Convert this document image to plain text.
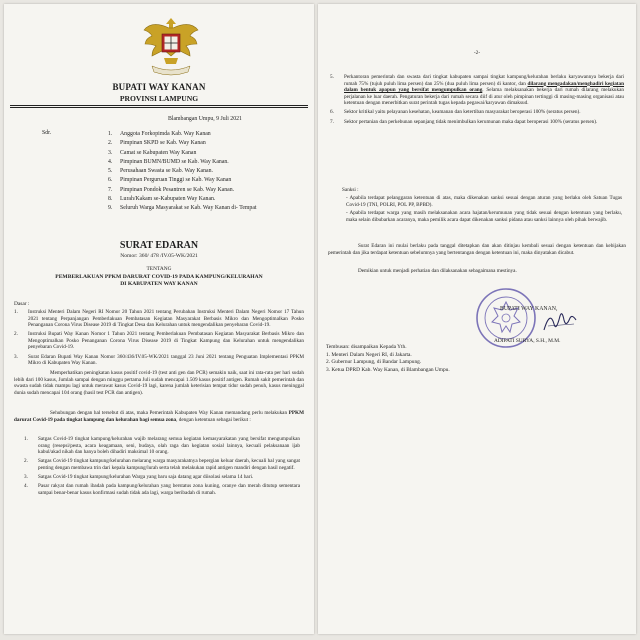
BUPATI WAY KANAN
PROVINSI LAMPUNG
Blambangan Umpu, 9 Juli 2021
Sdr.	1. Anggota Forkopimda Kab. Way Kanan
2. Pimpinan SKPD se Kab. Way Kanan
3. Camat se Kabupaten Way Kanan
4. Pimpinan BUMN/BUMD se Kab. Way Kanan.
5. Perusahaan Swasta se Kab. Way Kanan.
6. Pimpinan Perguruan Tinggi se Kab. Way Kanan
7. Pimpinan Pondok Pesantren se Kab. Way Kanan.
8. Lurah/Kakam se-Kabupaten Way Kanan.
9. Seluruh Warga Masyarakat se Kab. Way Kanan di- Tempat
SURAT EDARAN
Nomor: 360/ 478 /IV.05-WK/2021
TENTANG
PEMBERLAKUAN PPKM DARURAT COVID-19 PADA KAMPUNG/KELURAHAN
DI KABUPATEN WAY KANAN
Dasar :
1. Instruksi Menteri Dalam Negeri RI Nomor 20 Tahun 2021 tentang Perubahan Instruksi Menteri Dalam Negeri Nomor 17 Tahun 2021 tentang Perpanjangan Pemberlakuan Pembatasan Kegiatan Masyarakat Berbasis Mikro dan Mengoptimalkan Posko Penanganan Corona Virus Disease 2019 di Tingkat Desa dan Kelurahan untuk mengendalikan penyebaran Covid-19.
2. Instruksi Bupati Way Kanan Nomor 1 Tahun 2021 tentang Pemberlakuan Pembatasan Kegiatan Masyarakat Berbasis Mikro dan Mengoptimalkan Posko Penanganan Corona Virus Disease 2019 di Tingkat Kampung dan Kelurahan untuk mengendalikan penyebaran Covid-19.
3. Surat Edaran Bupati Way Kanan Nomor 360/436/IV.05-WK/2021 tanggal 23 Juni 2021 tentang Penguatan Implementasi PPKM Mikro di Kabupaten Way Kanan.
Memperhatikan peningkatan kasus positif covid-19 (test anti gen dan PCR) semakin naik, saat ini rata-rata per hari sudah lebih dari 100 kasus, Jumlah sampai dengan minggu pertama Juli sudah mencapai 1.509 kasus positif antigen. Rumah sakit pemerintah dan swasta sudah tidak mampu lagi untuk merawat kasus Covid-19 lagi, karena jumlah keterisian tempat tidur sudah penuh, kasus meninggal dunia sudah mencapai 104 orang (hasil test PCR dan antigen).
Sehubungan dengan hal tersebut di atas, maka Pemerintah Kabupaten Way Kanan memandang perlu melakukan PPKM darurat Covid-19 pada tingkat kampung dan kelurahan bagi semua zona, dengan ketentuan sebagai berikut :
1. Satgas Covid-19 tingkat kampung/kelurahan wajib melarang semua kegiatan kemasyarakatan yang bersifat mengumpulkan orang (resepsi/pesta, acara keagamaan, seni, budaya, olah raga dan kegiatan sosial lainnya, kecuali pelaksanaan ijab kabul/akad nikah dan hanya boleh dihadiri maksimal 10 orang.
2. Satgas Covid-19 tingkat kampung/kelurahan melarang warga masyarakatnya bepergian keluar daerah, kecuali hal yang sangat penting dengan membawa trin dari kepala kampung/lurah serta telah melakukan rapid antigen mandiri dengan hasil negatif.
3. Satgas Covid-19 tingkat kampung/kelurahan Warga yang baru saja datang agar diisolasi selama 14 hari.
4. Pasar rakyat dan rumah ibadah pada kampung/kelurahan yang berstatus zona kuning, oranye dan merah ditutup sementara sampai benar-benar kasus konfirmasi sudah tidak ada lagi, warga beribadah di rumah.
-2-
5. Perkantoran pemerintah dan swasta dari tingkat kabupaten sampai tingkat kampung/kelurahan berlaku karyawannya bekerja dari rumah 75% (tujuh puluh lima persen) dan 25% (dua puluh lima persen) di kantor, dan dilarang mengadakan/menghadiri kegiatan dalam bentuk apapun yang bersifat mengumpulkan orang. Selama melaksanakan bekerja dari rumah dilarang melakukan perjalanan ke luar daerah. Pengaturan bekerja dari rumah secara diif di atur oleh pimpinan tertinggi di masing-masing organisasi atau ketentuan dengan menerbitkan surat perintah tugas kepada pegawai/karyawan dimaksud.
6. Sektor kritikal yaitu pelayanan kesehatan, keamanan dan ketertiban masyarakat beroperasi 100% (seratus persen).
7. Sektor pertanian dan perkebunan sepanjang tidak menimbulkan kerumunan maka dapat beroperasi 100% (seratus persen).
Sanksi :
- Apabila terdapat pelanggaran ketentuan di atas, maka dikenakan sanksi sesuai dengan aturan yang berlaku oleh Satuan Tugas Covid-19 (TNI, POLRI, POL PP, BPBD).
- Apabila terdapat warga yang masih melaksanakan acara hajatan/kerumunan yang tidak sesuai dengan ketentuan yang berlaku, maka selain dibubarkan acaranya, maka pemilik acara dapat dikenakan sanksi pidana atau sanksi lainnya oleh pihak berwajib.
Surat Edaran ini mulai berlaku pada tanggal ditetapkan dan akan ditinjau kembali sesuai dengan ketentuan dan kebijakan pemerintah dan jika terdapat ketentuan sebelumnya yang bertentangan dengan ketentuan ini, maka dinyatakan dicabut.
Demikian untuk menjadi perhatian dan dilaksanakan sebagaimana mestinya.
BUPATI WAY KANAN,
ADIPATI SURYA, S.H., M.M.
Tembusan: disampaikan Kepada Yth.
1. Menteri Dalam Negeri RI, di Jakarta.
2. Gubernur Lampung, di Bandar Lampung.
3. Ketua DPRD Kab. Way Kanan, di Blambangan Umpu.
